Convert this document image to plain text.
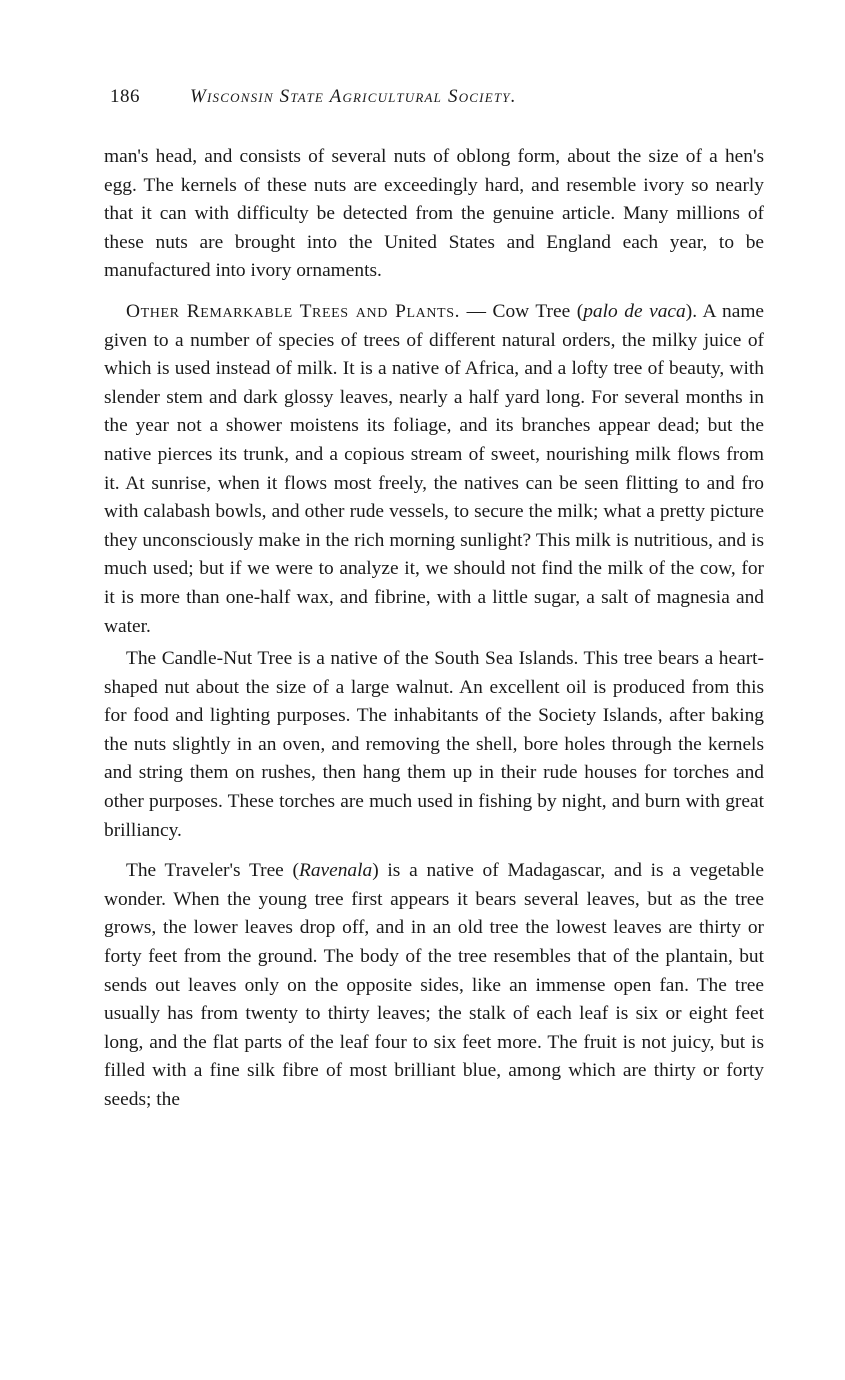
186	Wisconsin State Agricultural Society.

man's head, and consists of several nuts of oblong form, about the size of a hen's egg. The kernels of these nuts are exceedingly hard, and resemble ivory so nearly that it can with difficulty be detected from the genuine article. Many millions of these nuts are brought into the United States and England each year, to be manufactured into ivory ornaments.

Other Remarkable Trees and Plants. — Cow Tree (palo de vaca). A name given to a number of species of trees of different natural orders, the milky juice of which is used instead of milk. It is a native of Africa, and a lofty tree of beauty, with slender stem and dark glossy leaves, nearly a half yard long. For several months in the year not a shower moistens its foliage, and its branches appear dead; but the native pierces its trunk, and a copious stream of sweet, nourishing milk flows from it. At sunrise, when it flows most freely, the natives can be seen flitting to and fro with calabash bowls, and other rude vessels, to secure the milk; what a pretty picture they unconsciously make in the rich morning sunlight? This milk is nutritious, and is much used; but if we were to analyze it, we should not find the milk of the cow, for it is more than one-half wax, and fibrine, with a little sugar, a salt of magnesia and water.

The Candle-Nut Tree is a native of the South Sea Islands. This tree bears a heart-shaped nut about the size of a large walnut. An excellent oil is produced from this for food and lighting purposes. The inhabitants of the Society Islands, after baking the nuts slightly in an oven, and removing the shell, bore holes through the kernels and string them on rushes, then hang them up in their rude houses for torches and other purposes. These torches are much used in fishing by night, and burn with great brilliancy.

The Traveler's Tree (Ravenala) is a native of Madagascar, and is a vegetable wonder. When the young tree first appears it bears several leaves, but as the tree grows, the lower leaves drop off, and in an old tree the lowest leaves are thirty or forty feet from the ground. The body of the tree resembles that of the plantain, but sends out leaves only on the opposite sides, like an immense open fan. The tree usually has from twenty to thirty leaves; the stalk of each leaf is six or eight feet long, and the flat parts of the leaf four to six feet more. The fruit is not juicy, but is filled with a fine silk fibre of most brilliant blue, among which are thirty or forty seeds; the
